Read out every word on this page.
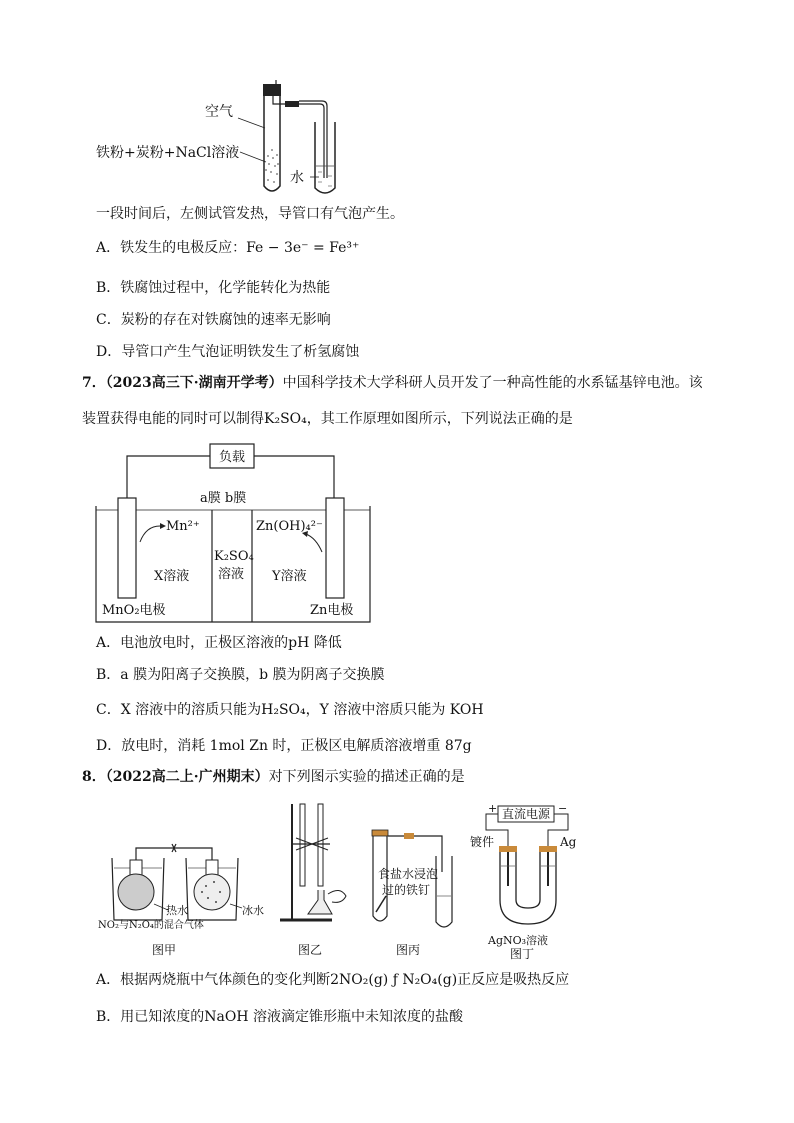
空气
铁粉+炭粉+NaCl溶液
水
一段时间后，左侧试管发热，导管口有气泡产生。
A．铁发生的电极反应：Fe − 3e⁻ = Fe³⁺
B．铁腐蚀过程中，化学能转化为热能
C．炭粉的存在对铁腐蚀的速率无影响
D．导管口产生气泡证明铁发生了析氢腐蚀
7．（2023高三下·湖南开学考）中国科学技术大学科研人员开发了一种高性能的水系锰基锌电池。该
装置获得电能的同时可以制得K₂SO₄，其工作原理如图所示，下列说法正确的是
负载
a膜 b膜
Mn²⁺	Zn(OH)₄²⁻
K₂SO₄
溶液
X溶液	Y溶液
MnO₂电极	Zn电极
A．电池放电时，正极区溶液的pH 降低
B．a 膜为阳离子交换膜，b 膜为阴离子交换膜
C．X 溶液中的溶质只能为H₂SO₄，Y 溶液中溶质只能为 KOH
D．放电时，消耗 1mol Zn 时，正极区电解质溶液增重 87g
8．（2022高二上·广州期末）对下列图示实验的描述正确的是
热水	冰水
NO₂与N₂O₄的混合气体
图甲	图乙
食盐水浸泡
过的铁钉
图丙
+	−
直流电源
镀件	Ag
AgNO₃溶液
图丁
A．根据两烧瓶中气体颜色的变化判断2NO₂(g) ƒ N₂O₄(g)正反应是吸热反应
B．用已知浓度的NaOH 溶液滴定锥形瓶中未知浓度的盐酸
